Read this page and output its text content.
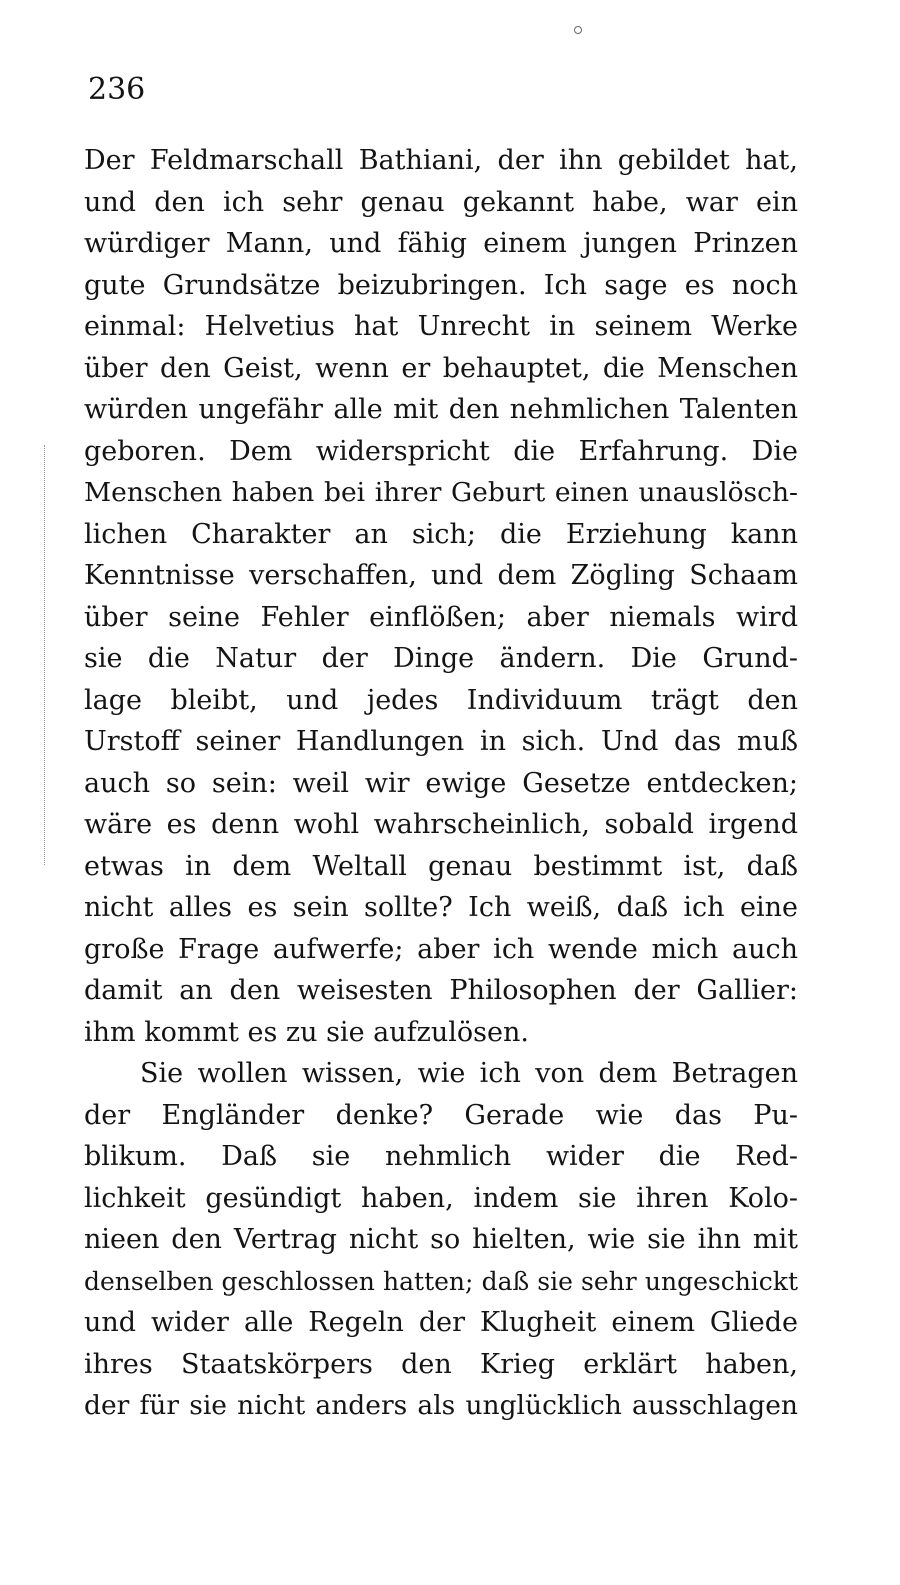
236
Der Feldmarschall Bathiani, der ihn gebildet hat,
und den ich sehr genau gekannt habe, war ein
würdiger Mann, und fähig einem jungen Prinzen
gute Grundsätze beizubringen. Ich sage es noch
einmal: Helvetius hat Unrecht in seinem Werke
über den Geist, wenn er behauptet, die Menschen
würden ungefähr alle mit den nehmlichen Talenten
geboren. Dem widerspricht die Erfahrung. Die
Menschen haben bei ihrer Geburt einen unauslösch-
lichen Charakter an sich; die Erziehung kann
Kenntnisse verschaffen, und dem Zögling Schaam
über seine Fehler einflößen; aber niemals wird
sie die Natur der Dinge ändern. Die Grund-
lage bleibt, und jedes Individuum trägt den
Urstoff seiner Handlungen in sich. Und das muß
auch so sein: weil wir ewige Gesetze entdecken;
wäre es denn wohl wahrscheinlich, sobald irgend
etwas in dem Weltall genau bestimmt ist, daß
nicht alles es sein sollte? Ich weiß, daß ich eine
große Frage aufwerfe; aber ich wende mich auch
damit an den weisesten Philosophen der Gallier:
ihm kommt es zu sie aufzulösen.
Sie wollen wissen, wie ich von dem Betragen
der Engländer denke? Gerade wie das Pu-
blikum. Daß sie nehmlich wider die Red-
lichkeit gesündigt haben, indem sie ihren Kolo-
nieen den Vertrag nicht so hielten, wie sie ihn mit
denselben geschlossen hatten; daß sie sehr ungeschickt
und wider alle Regeln der Klugheit einem Gliede
ihres Staatskörpers den Krieg erklärt haben,
der für sie nicht anders als unglücklich ausschlagen
